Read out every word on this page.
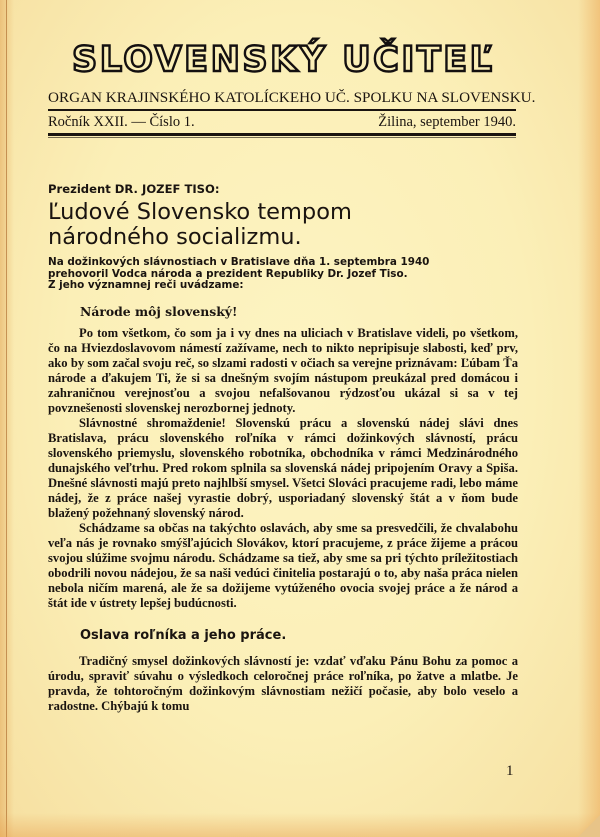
SLOVENSKÝ UČITEĽ
ORGAN KRAJINSKÉHO KATOLÍCKEHO UČ. SPOLKU NA SLOVENSKU.
Ročník XXII. — Číslo 1.	Žilina, september 1940.
Prezident DR. JOZEF TISO:
Ľudové Slovensko tempom
národného socializmu.
Na dožinkových slávnostiach v Bratislave dňa 1. septembra 1940
prehovoril Vodca národa a prezident Republiky Dr. Jozef Tiso.
Z jeho významnej reči uvádzame:
Národe môj slovenský!

Po tom všetkom, čo som ja i vy dnes na uliciach v Bratislave videli, po všetkom, čo na Hviezdoslavovom námestí zažívame, nech to nikto nepripisuje slabosti, keď prv, ako by som začal svoju reč, so slzami radosti v očiach sa verejne priznávam: Ľúbam Ťa národe a ďakujem Ti, že si sa dnešným svojím nástupom preukázal pred domácou i zahraničnou verejnosťou a svojou nefalšovanou rýdzosťou ukázal si sa v tej povznešenosti slovenskej nerozbornej jednoty.

Slávnostné shromaždenie! Slovenskú prácu a slovenskú nádej slávi dnes Bratislava, prácu slovenského roľníka v rámci dožinkových slávností, prácu slovenského priemyslu, slovenského robotníka, obchodníka v rámci Medzinárodného dunajského veľtrhu. Pred rokom splnila sa slovenská nádej pripojením Oravy a Spiša. Dnešné slávnosti majú preto najhlbší smysel. Všetci Slováci pracujeme radi, lebo máme nádej, že z práce našej vyrastie dobrý, usporiadaný slovenský štát a v ňom bude blažený požehnaný slovenský národ.

Schádzame sa občas na takýchto oslavách, aby sme sa presvedčili, že chvalabohu veľa nás je rovnako smýšľajúcich Slovákov, ktorí pracujeme, z práce žijeme a prácou svojou slúžime svojmu národu. Schádzame sa tiež, aby sme sa pri týchto príležitostiach obodrili novou nádejou, že sa naši vedúci činitelia postarajú o to, aby naša práca nielen nebola ničím marená, ale že sa dožijeme vytúženého ovocia svojej práce a že národ a štát ide v ústrety lepšej budúcnosti.

Oslava roľníka a jeho práce.

Tradičný smysel dožinkových slávností je: vzdať vďaku Pánu Bohu za pomoc a úrodu, spraviť súvahu o výsledkoch celoročnej práce roľníka, po žatve a mlatbe. Je pravda, že tohtoročným dožinkovým slávnostiam nežičí počasie, aby bolo veselo a radostne. Chýbajú k tomu

1
